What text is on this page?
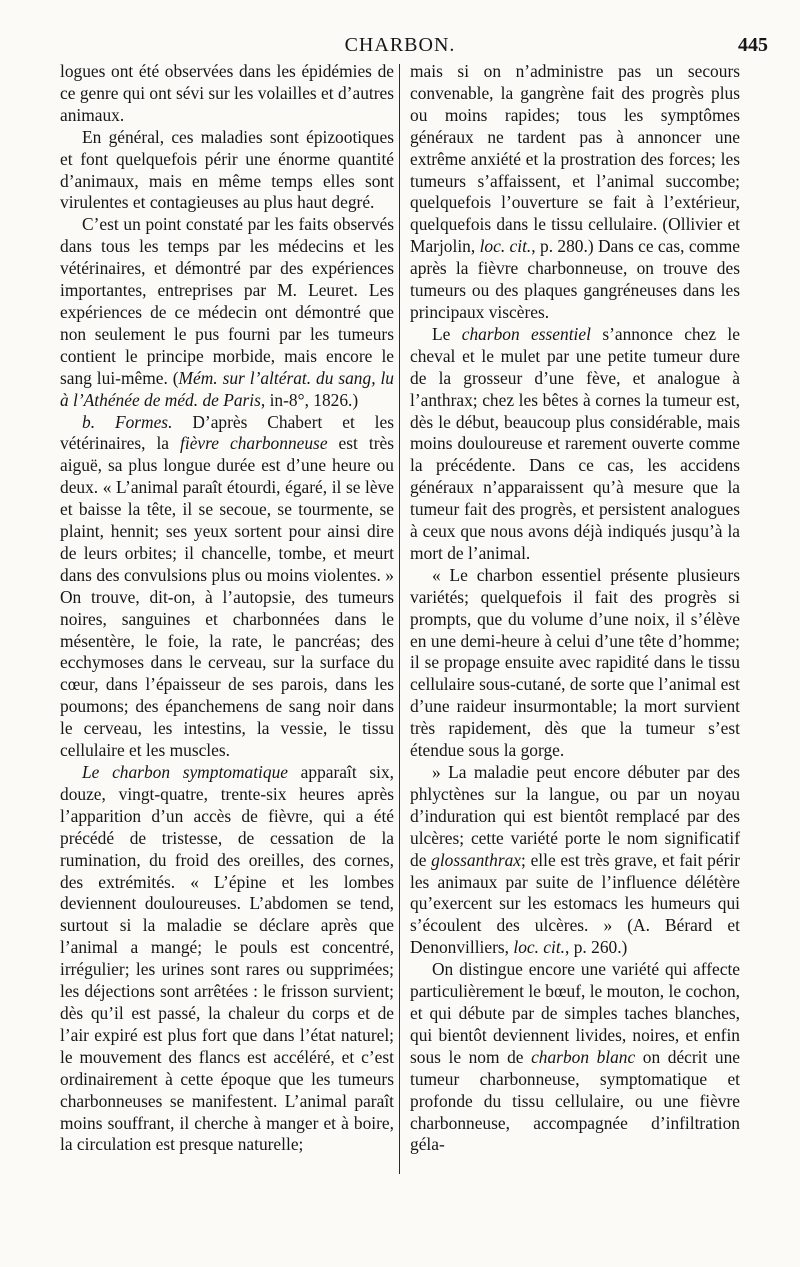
CHARBON.	445

logues ont été observées dans les épidémies de ce genre qui ont sévi sur les volailles et d’autres animaux.

En général, ces maladies sont épizootiques et font quelquefois périr une énorme quantité d’animaux, mais en même temps elles sont virulentes et contagieuses au plus haut degré.

C’est un point constaté par les faits observés dans tous les temps par les médecins et les vétérinaires, et démontré par des expériences importantes, entreprises par M. Leuret. Les expériences de ce médecin ont démontré que non seulement le pus fourni par les tumeurs contient le principe morbide, mais encore le sang lui-même. (Mém. sur l’altérat. du sang, lu à l’Athénée de méd. de Paris, in-8°, 1826.)

b. Formes. D’après Chabert et les vétérinaires, la fièvre charbonneuse est très aiguë, sa plus longue durée est d’une heure ou deux. « L’animal paraît étourdi, égaré, il se lève et baisse la tête, il se secoue, se tourmente, se plaint, hennit; ses yeux sortent pour ainsi dire de leurs orbites; il chancelle, tombe, et meurt dans des convulsions plus ou moins violentes. » On trouve, dit-on, à l’autopsie, des tumeurs noires, sanguines et charbonnées dans le mésentère, le foie, la rate, le pancréas; des ecchymoses dans le cerveau, sur la surface du cœur, dans l’épaisseur de ses parois, dans les poumons; des épanchemens de sang noir dans le cerveau, les intestins, la vessie, le tissu cellulaire et les muscles.

Le charbon symptomatique apparaît six, douze, vingt-quatre, trente-six heures après l’apparition d’un accès de fièvre, qui a été précédé de tristesse, de cessation de la rumination, du froid des oreilles, des cornes, des extrémités. « L’épine et les lombes deviennent douloureuses. L’abdomen se tend, surtout si la maladie se déclare après que l’animal a mangé; le pouls est concentré, irrégulier; les urines sont rares ou supprimées; les déjections sont arrêtées : le frisson survient; dès qu’il est passé, la chaleur du corps et de l’air expiré est plus fort que dans l’état naturel; le mouvement des flancs est accéléré, et c’est ordinairement à cette époque que les tumeurs charbonneuses se manifestent. L’animal paraît moins souffrant, il cherche à manger et à boire, la circulation est presque naturelle;

mais si on n’administre pas un secours convenable, la gangrène fait des progrès plus ou moins rapides; tous les symptômes généraux ne tardent pas à annoncer une extrême anxiété et la prostration des forces; les tumeurs s’affaissent, et l’animal succombe; quelquefois l’ouverture se fait à l’extérieur, quelquefois dans le tissu cellulaire. (Ollivier et Marjolin, loc. cit., p. 280.) Dans ce cas, comme après la fièvre charbonneuse, on trouve des tumeurs ou des plaques gangréneuses dans les principaux viscères.

Le charbon essentiel s’annonce chez le cheval et le mulet par une petite tumeur dure de la grosseur d’une fève, et analogue à l’anthrax; chez les bêtes à cornes la tumeur est, dès le début, beaucoup plus considérable, mais moins douloureuse et rarement ouverte comme la précédente. Dans ce cas, les accidens généraux n’apparaissent qu’à mesure que la tumeur fait des progrès, et persistent analogues à ceux que nous avons déjà indiqués jusqu’à la mort de l’animal.

« Le charbon essentiel présente plusieurs variétés; quelquefois il fait des progrès si prompts, que du volume d’une noix, il s’élève en une demi-heure à celui d’une tête d’homme; il se propage ensuite avec rapidité dans le tissu cellulaire sous-cutané, de sorte que l’animal est d’une raideur insurmontable; la mort survient très rapidement, dès que la tumeur s’est étendue sous la gorge.

» La maladie peut encore débuter par des phlyctènes sur la langue, ou par un noyau d’induration qui est bientôt remplacé par des ulcères; cette variété porte le nom significatif de glossanthrax; elle est très grave, et fait périr les animaux par suite de l’influence délétère qu’exercent sur les estomacs les humeurs qui s’écoulent des ulcères. » (A. Bérard et Denonvilliers, loc. cit., p. 260.)

On distingue encore une variété qui affecte particulièrement le bœuf, le mouton, le cochon, et qui débute par de simples taches blanches, qui bientôt deviennent livides, noires, et enfin sous le nom de charbon blanc on décrit une tumeur charbonneuse, symptomatique et profonde du tissu cellulaire, ou une fièvre charbonneuse, accompagnée d’infiltration géla-
